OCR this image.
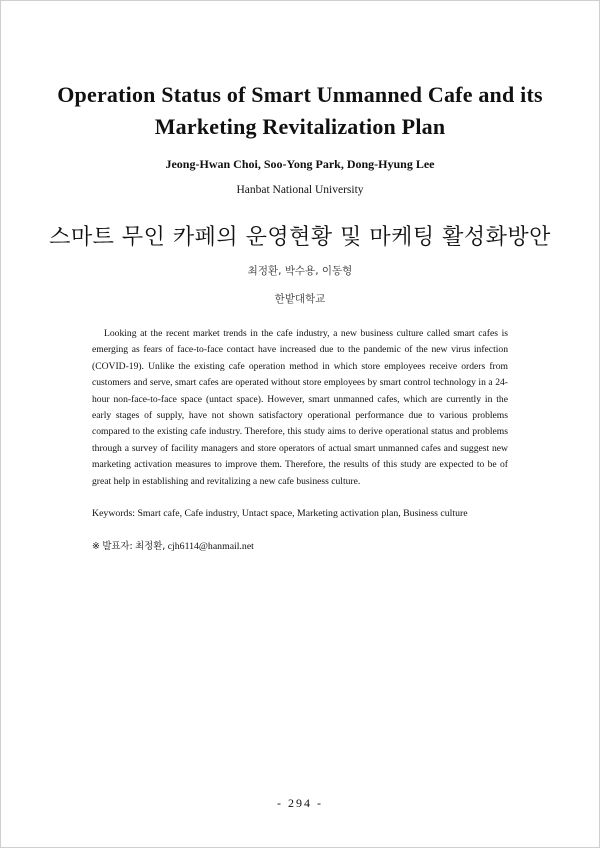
Operation Status of Smart Unmanned Cafe and its
Marketing Revitalization Plan
Jeong-Hwan Choi, Soo-Yong Park, Dong-Hyung Lee
Hanbat National University
스마트 무인 카페의 운영현황 및 마케팅 활성화방안
최정환, 박수용, 이동형
한밭대학교

Looking at the recent market trends in the cafe industry, a new business culture called smart cafes is emerging as fears of face-to-face contact have increased due to the pandemic of the new virus infection (COVID-19). Unlike the existing cafe operation method in which store employees receive orders from customers and serve, smart cafes are operated without store employees by smart control technology in a 24-hour non-face-to-face space (untact space). However, smart unmanned cafes, which are currently in the early stages of supply, have not shown satisfactory operational performance due to various problems compared to the existing cafe industry. Therefore, this study aims to derive operational status and problems through a survey of facility managers and store operators of actual smart unmanned cafes and suggest new marketing activation measures to improve them. Therefore, the results of this study are expected to be of great help in establishing and revitalizing a new cafe business culture.

Keywords: Smart cafe, Cafe industry, Untact space, Marketing activation plan, Business culture
※ 발표자: 최정환, cjh6114@hanmail.net
- 294 -
